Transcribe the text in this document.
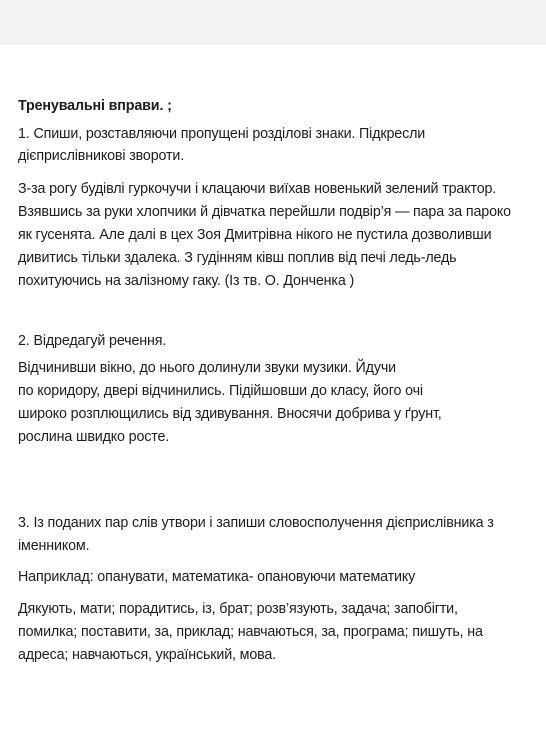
Тренувальні вправи. ;
1. Спиши, розставляючи пропущені розділові знаки. Підкресли
дієприслівникові звороти.
З-за рогу будівлі гуркочучи і клацаючи виїхав новенький зелений трактор.
Взявшись за руки хлопчики й дівчатка перейшли подвір’я — пара за пароко
як гусенята. Але далі в цех Зоя Дмитрівна нікого не пустила дозволивши
дивитись тільки здалека. З гудінням ківш поплив від печі ледь-ледь
похитуючись на залізному гаку. (Із тв. О. Донченка )
2. Відредагуй речення.
Відчинивши вікно, до нього долинули звуки музики. Йдучи
по коридору, двері відчинились. Підійшовши до класу, його очі
широко розплющились від здивування. Вносячи добрива у ґрунт,
рослина швидко росте.
3. Із поданих пар слів утвори і запиши словосполучення дієприслівника з
іменником.
Наприклад: опанувати, математика- опановуючи математику
Дякують, мати; порадитись, із, брат; розв’язують, задача; запобігти,
помилка; поставити, за, приклад; навчаються, за, програма; пишуть, на
адреса; навчаються, український, мова.
